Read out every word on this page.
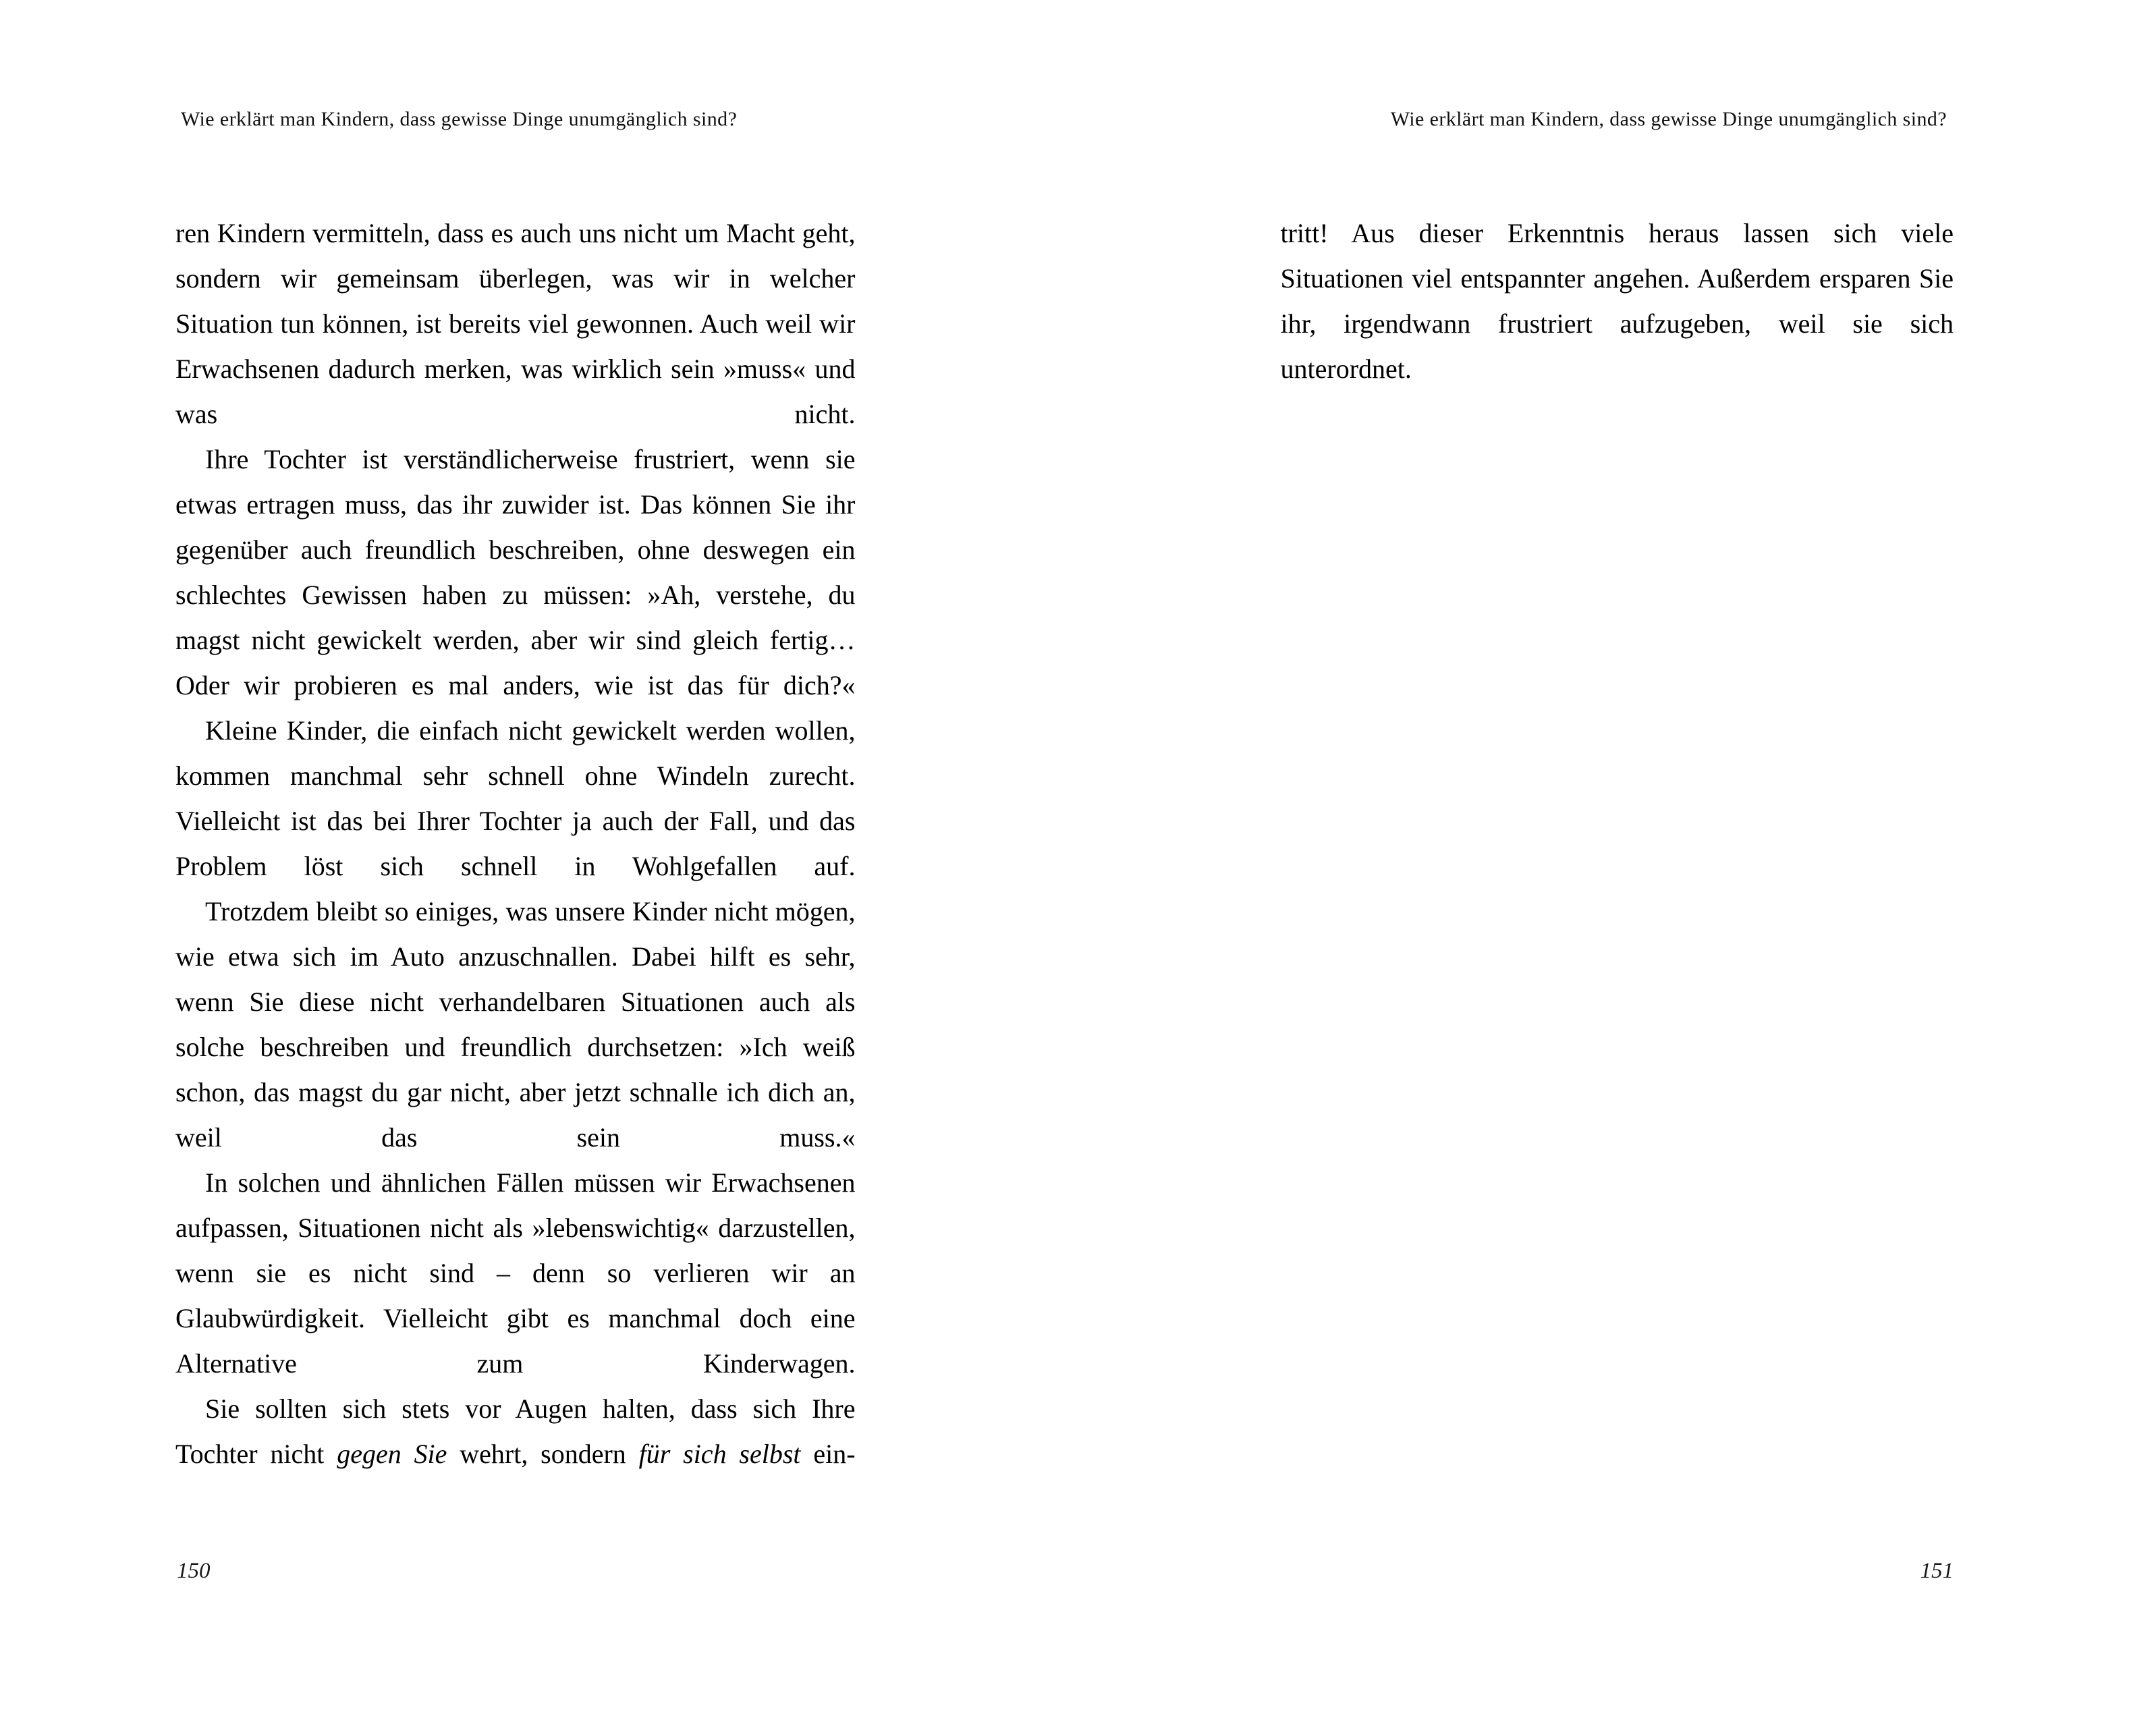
Wie erklärt man Kindern, dass gewisse Dinge unumgänglich sind?

ren Kindern vermitteln, dass es auch uns nicht um Macht geht, sondern wir gemeinsam überlegen, was wir in welcher Situation tun können, ist bereits viel gewonnen. Auch weil wir Erwachsenen dadurch merken, was wirklich sein »muss« und was nicht.

Ihre Tochter ist verständlicherweise frustriert, wenn sie etwas ertragen muss, das ihr zuwider ist. Das können Sie ihr gegenüber auch freundlich beschreiben, ohne deswegen ein schlechtes Gewissen haben zu müssen: »Ah, verstehe, du magst nicht gewickelt werden, aber wir sind gleich fertig… Oder wir probieren es mal anders, wie ist das für dich?«

Kleine Kinder, die einfach nicht gewickelt werden wollen, kommen manchmal sehr schnell ohne Windeln zurecht. Vielleicht ist das bei Ihrer Tochter ja auch der Fall, und das Problem löst sich schnell in Wohlgefallen auf.

Trotzdem bleibt so einiges, was unsere Kinder nicht mögen, wie etwa sich im Auto anzuschnallen. Dabei hilft es sehr, wenn Sie diese nicht verhandelbaren Situationen auch als solche beschreiben und freundlich durchsetzen: »Ich weiß schon, das magst du gar nicht, aber jetzt schnalle ich dich an, weil das sein muss.«

In solchen und ähnlichen Fällen müssen wir Erwachsenen aufpassen, Situationen nicht als »lebenswichtig« darzustellen, wenn sie es nicht sind – denn so verlieren wir an Glaubwürdigkeit. Vielleicht gibt es manchmal doch eine Alternative zum Kinderwagen.

Sie sollten sich stets vor Augen halten, dass sich Ihre Tochter nicht gegen Sie wehrt, sondern für sich selbst ein-

150
Wie erklärt man Kindern, dass gewisse Dinge unumgänglich sind?

tritt! Aus dieser Erkenntnis heraus lassen sich viele Situationen viel entspannter angehen. Außerdem ersparen Sie ihr, irgendwann frustriert aufzugeben, weil sie sich unterordnet.

151
